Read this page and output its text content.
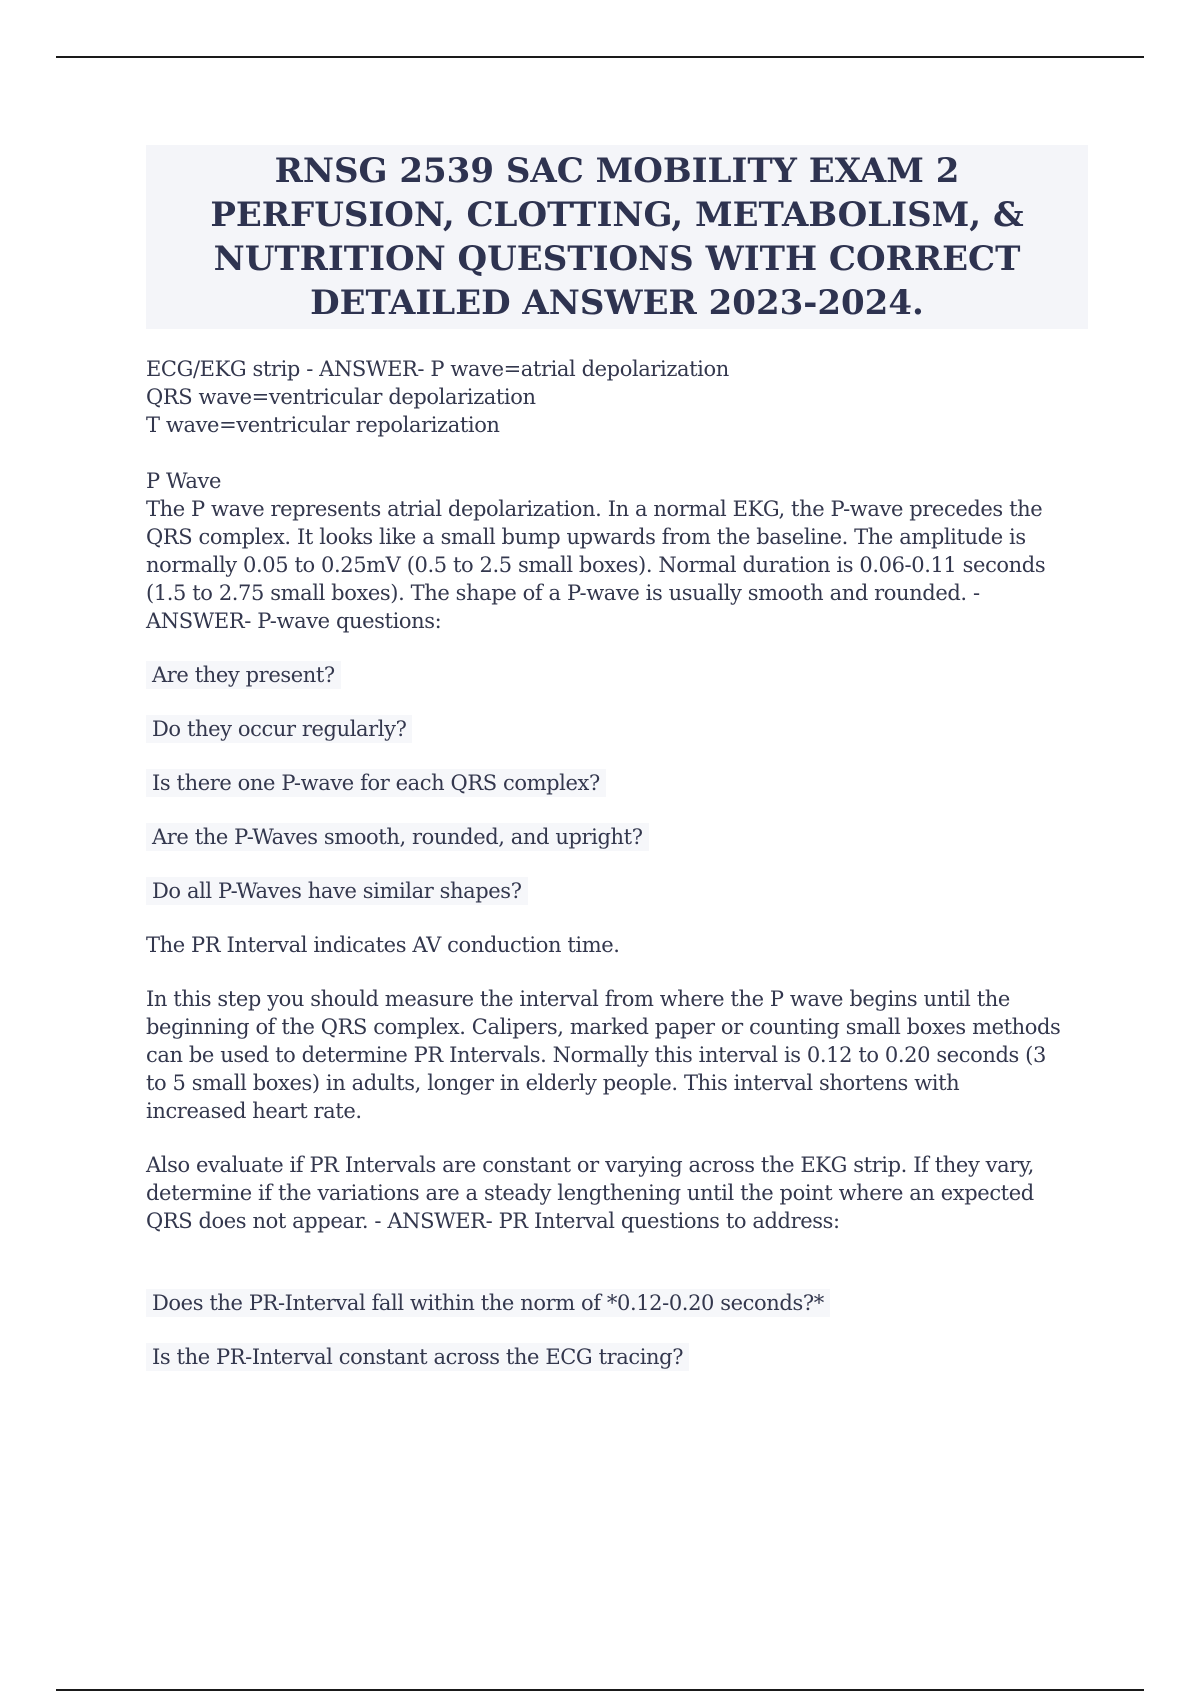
RNSG 2539 SAC MOBILITY EXAM 2
PERFUSION, CLOTTING, METABOLISM, &
NUTRITION QUESTIONS WITH CORRECT
DETAILED ANSWER 2023-2024.

ECG/EKG strip - ANSWER- P wave=atrial depolarization
QRS wave=ventricular depolarization
T wave=ventricular repolarization

P Wave
The P wave represents atrial depolarization. In a normal EKG, the P-wave precedes the
QRS complex. It looks like a small bump upwards from the baseline. The amplitude is
normally 0.05 to 0.25mV (0.5 to 2.5 small boxes). Normal duration is 0.06-0.11 seconds
(1.5 to 2.75 small boxes). The shape of a P-wave is usually smooth and rounded. -
ANSWER- P-wave questions:

Are they present?

Do they occur regularly?

Is there one P-wave for each QRS complex?

Are the P-Waves smooth, rounded, and upright?

Do all P-Waves have similar shapes?

The PR Interval indicates AV conduction time.

In this step you should measure the interval from where the P wave begins until the
beginning of the QRS complex. Calipers, marked paper or counting small boxes methods
can be used to determine PR Intervals. Normally this interval is 0.12 to 0.20 seconds (3
to 5 small boxes) in adults, longer in elderly people. This interval shortens with
increased heart rate.

Also evaluate if PR Intervals are constant or varying across the EKG strip. If they vary,
determine if the variations are a steady lengthening until the point where an expected
QRS does not appear. - ANSWER- PR Interval questions to address:

Does the PR-Interval fall within the norm of *0.12-0.20 seconds?*

Is the PR-Interval constant across the ECG tracing?
